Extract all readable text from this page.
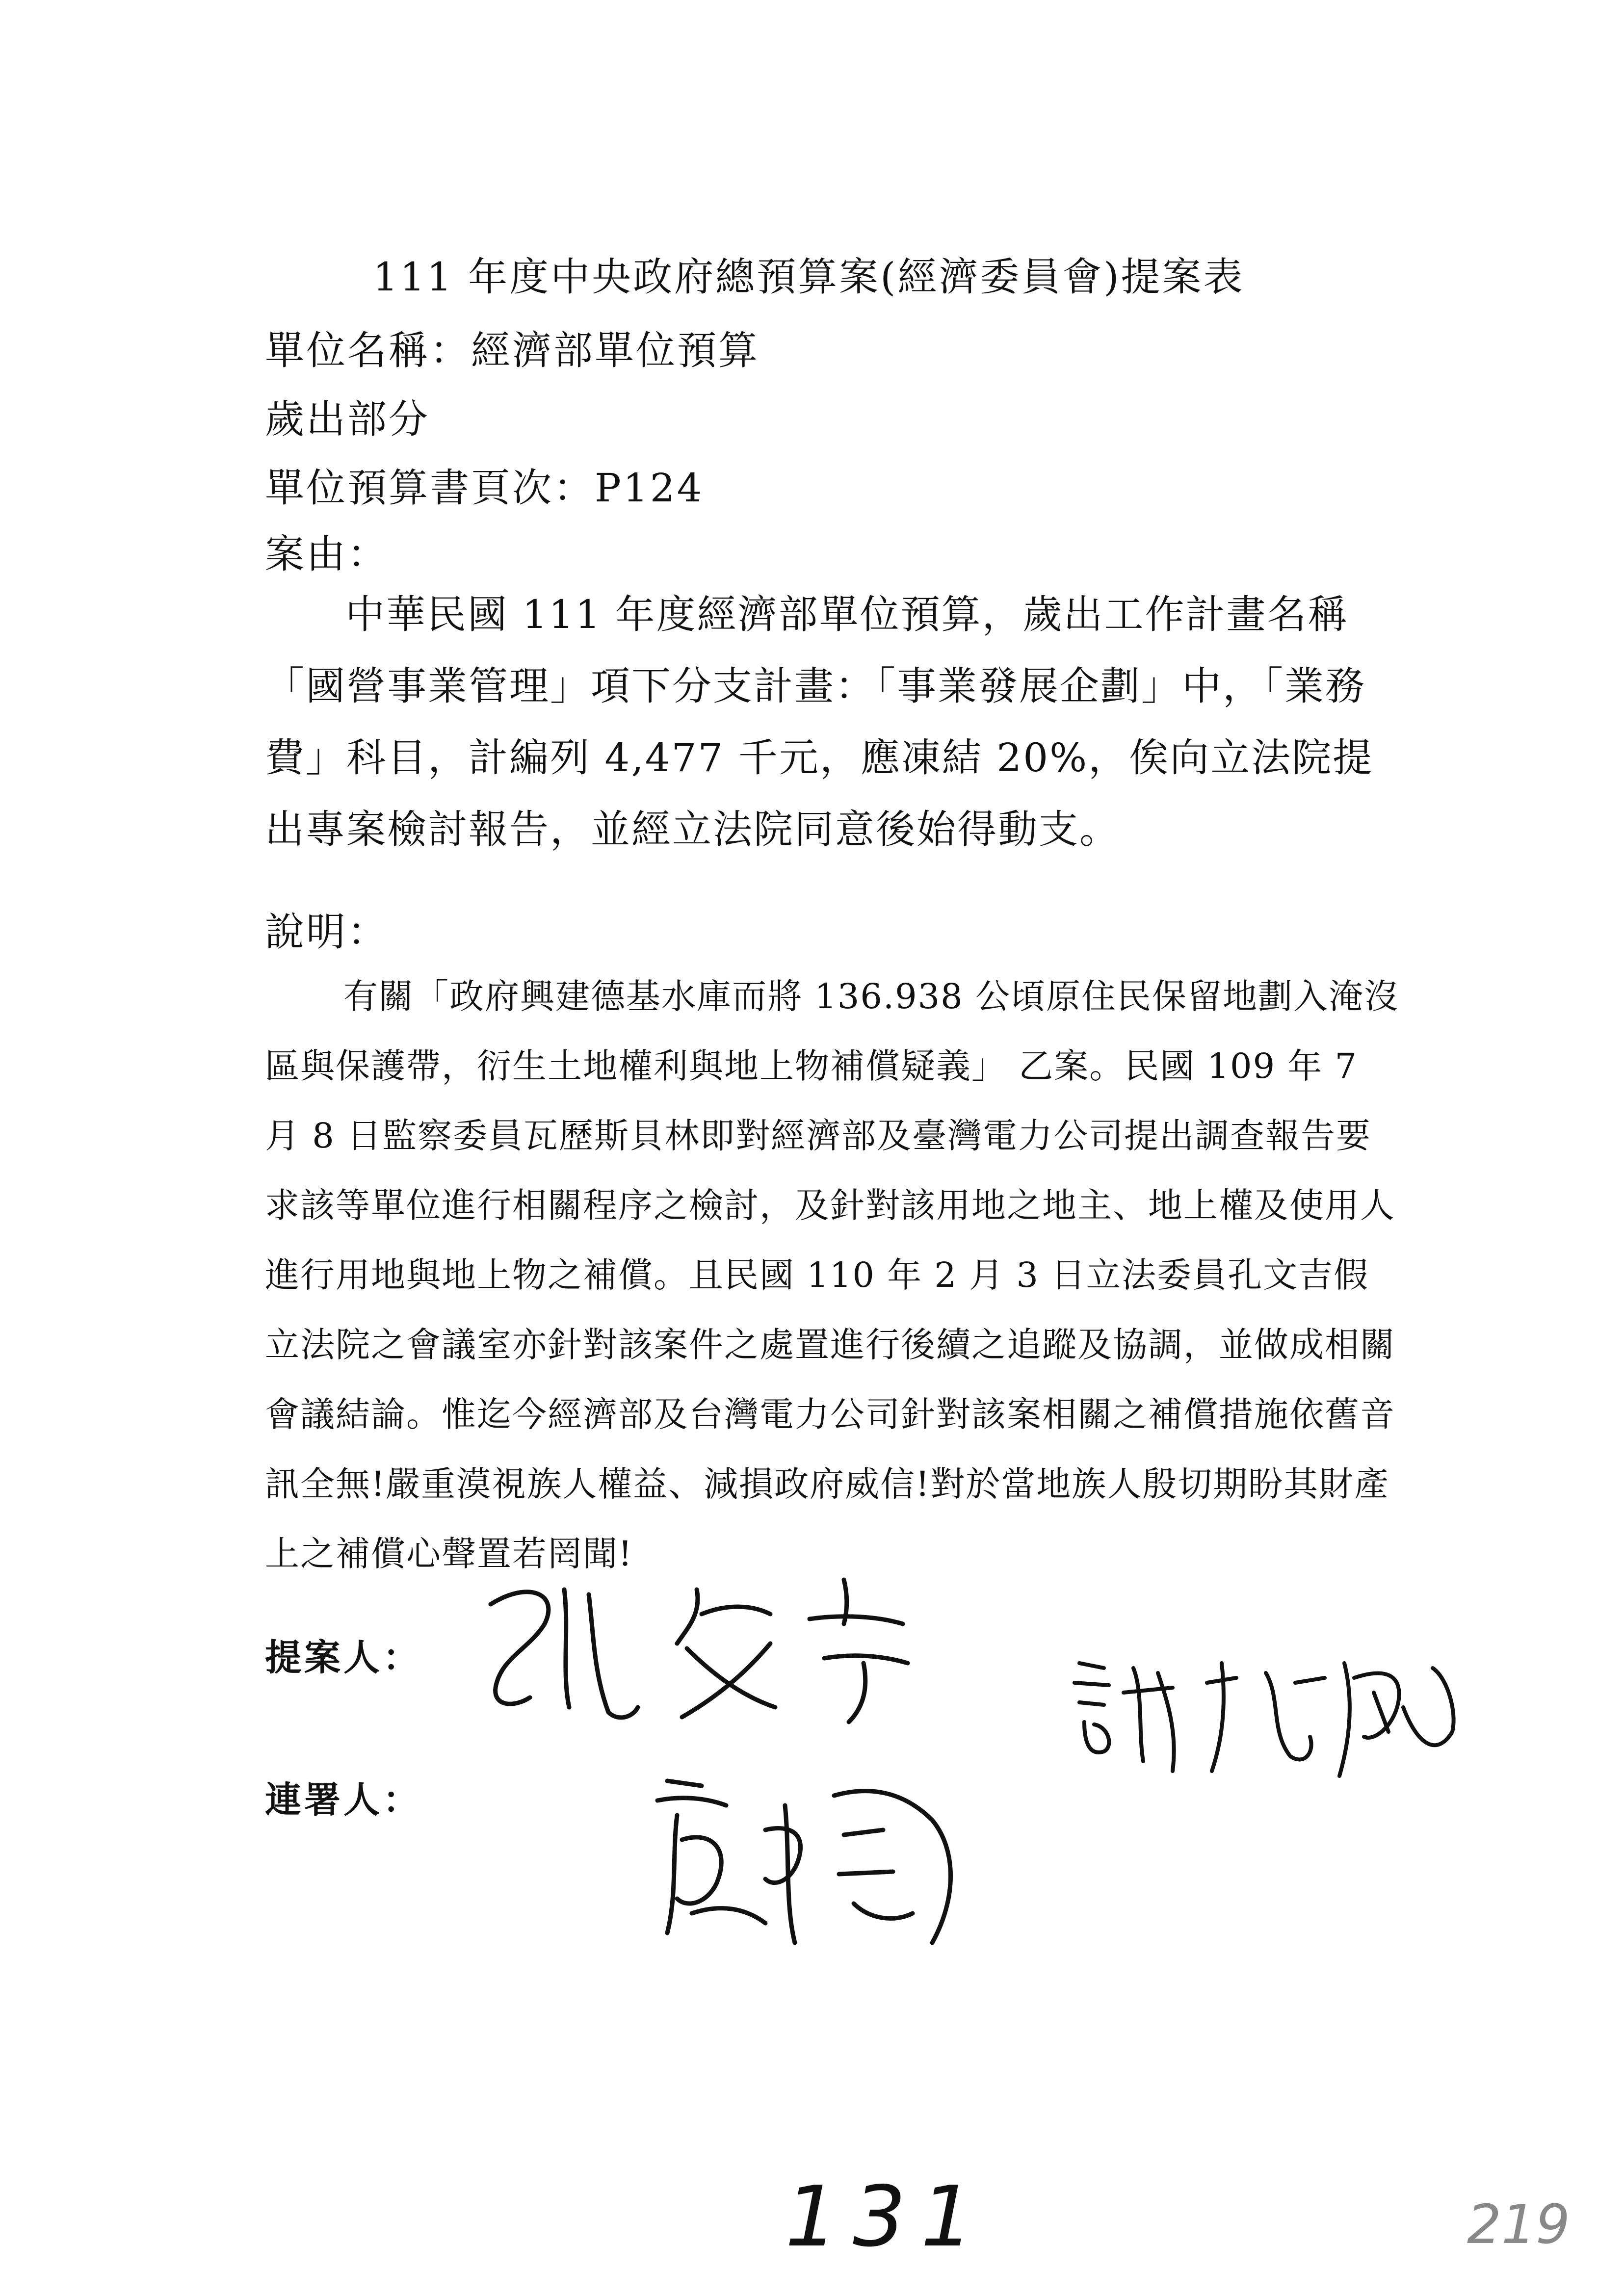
111 年度中央政府總預算案(經濟委員會)提案表
單位名稱：經濟部單位預算
歲出部分
單位預算書頁次：P124
案由：

中華民國 111 年度經濟部單位預算，歲出工作計畫名稱「國營事業管理」項下分支計畫：「事業發展企劃」中，「業務費」科目，計編列 4,477 千元，應凍結 20%，俟向立法院提出專案檢討報告，並經立法院同意後始得動支。

說明：

有關「政府興建德基水庫而將 136.938 公頃原住民保留地劃入淹沒區與保護帶，衍生土地權利與地上物補償疑義」 乙案。民國 109 年 7 月 8 日監察委員瓦歷斯貝林即對經濟部及臺灣電力公司提出調查報告要求該等單位進行相關程序之檢討，及針對該用地之地主、地上權及使用人進行用地與地上物之補償。且民國 110 年 2 月 3 日立法委員孔文吉假立法院之會議室亦針對該案件之處置進行後續之追蹤及協調，並做成相關會議結論。惟迄今經濟部及台灣電力公司針對該案相關之補償措施依舊音訊全無!嚴重漠視族人權益、減損政府威信!對於當地族人殷切期盼其財產上之補償心聲置若罔聞!

提案人：
連署人：
131	219
